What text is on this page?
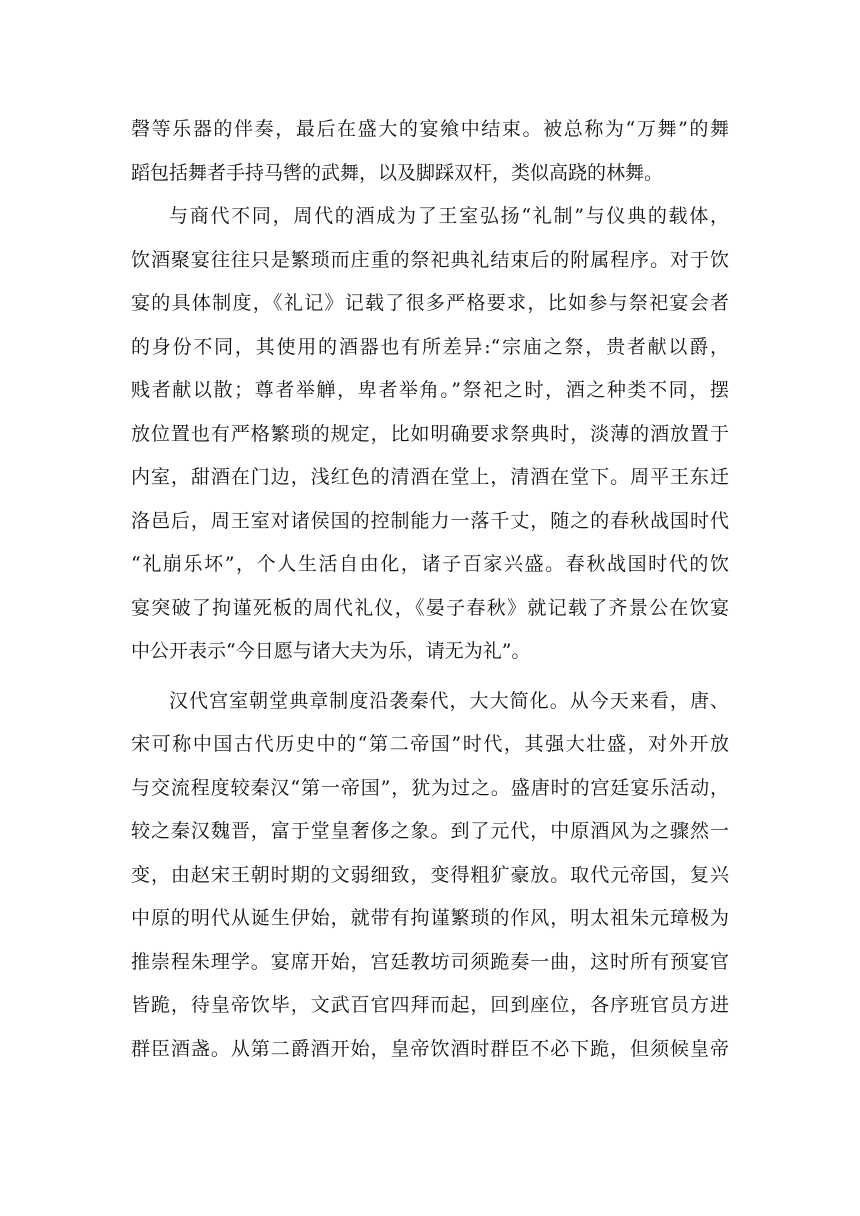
磬等乐器的伴奏，最后在盛大的宴飨中结束。被总称为“万舞”的舞
蹈包括舞者手持马辔的武舞，以及脚踩双杆，类似高跷的林舞。
与商代不同，周代的酒成为了王室弘扬“礼制”与仪典的载体，
饮酒聚宴往往只是繁琐而庄重的祭祀典礼结束后的附属程序。对于饮
宴的具体制度，《礼记》记载了很多严格要求，比如参与祭祀宴会者
的身份不同，其使用的酒器也有所差异:“宗庙之祭，贵者献以爵，
贱者献以散；尊者举觯，卑者举角。”祭祀之时，酒之种类不同，摆
放位置也有严格繁琐的规定，比如明确要求祭典时，淡薄的酒放置于
内室，甜酒在门边，浅红色的清酒在堂上，清酒在堂下。周平王东迁
洛邑后，周王室对诸侯国的控制能力一落千丈，随之的春秋战国时代
“礼崩乐坏”，个人生活自由化，诸子百家兴盛。春秋战国时代的饮
宴突破了拘谨死板的周代礼仪，《晏子春秋》就记载了齐景公在饮宴
中公开表示“今日愿与诸大夫为乐，请无为礼”。
汉代宫室朝堂典章制度沿袭秦代，大大简化。从今天来看，唐、
宋可称中国古代历史中的“第二帝国”时代，其强大壮盛，对外开放
与交流程度较秦汉“第一帝国”，犹为过之。盛唐时的宫廷宴乐活动，
较之秦汉魏晋，富于堂皇奢侈之象。到了元代，中原酒风为之骤然一
变，由赵宋王朝时期的文弱细致，变得粗犷豪放。取代元帝国，复兴
中原的明代从诞生伊始，就带有拘谨繁琐的作风，明太祖朱元璋极为
推崇程朱理学。宴席开始，宫廷教坊司须跪奏一曲，这时所有预宴官
皆跪，待皇帝饮毕，文武百官四拜而起，回到座位，各序班官员方进
群臣酒盏。从第二爵酒开始，皇帝饮酒时群臣不必下跪，但须候皇帝
